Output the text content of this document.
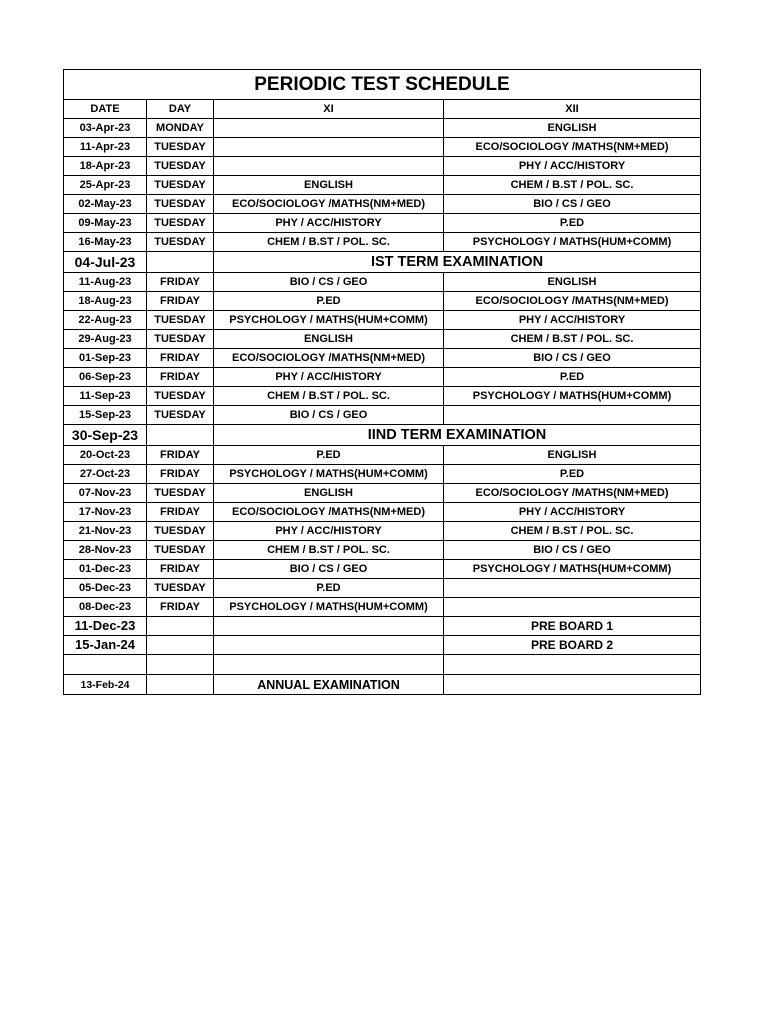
PERIODIC TEST SCHEDULE			
DATE	DAY	XI	XII
03-Apr-23	MONDAY		ENGLISH
11-Apr-23	TUESDAY		ECO/SOCIOLOGY /MATHS(NM+MED)
18-Apr-23	TUESDAY		PHY / ACC/HISTORY
25-Apr-23	TUESDAY	ENGLISH	CHEM / B.ST / POL. SC.
02-May-23	TUESDAY	ECO/SOCIOLOGY /MATHS(NM+MED)	BIO / CS / GEO
09-May-23	TUESDAY	PHY / ACC/HISTORY	P.ED
16-May-23	TUESDAY	CHEM / B.ST / POL. SC.	PSYCHOLOGY / MATHS(HUM+COMM)
04-Jul-23		IST TERM EXAMINATION	
11-Aug-23	FRIDAY	BIO / CS / GEO	ENGLISH
18-Aug-23	FRIDAY	P.ED	ECO/SOCIOLOGY /MATHS(NM+MED)
22-Aug-23	TUESDAY	PSYCHOLOGY / MATHS(HUM+COMM)	PHY / ACC/HISTORY
29-Aug-23	TUESDAY	ENGLISH	CHEM / B.ST / POL. SC.
01-Sep-23	FRIDAY	ECO/SOCIOLOGY /MATHS(NM+MED)	BIO / CS / GEO
06-Sep-23	FRIDAY	PHY / ACC/HISTORY	P.ED
11-Sep-23	TUESDAY	CHEM / B.ST / POL. SC.	PSYCHOLOGY / MATHS(HUM+COMM)
15-Sep-23	TUESDAY	BIO / CS / GEO	
30-Sep-23		IIND TERM EXAMINATION	
20-Oct-23	FRIDAY	P.ED	ENGLISH
27-Oct-23	FRIDAY	PSYCHOLOGY / MATHS(HUM+COMM)	P.ED
07-Nov-23	TUESDAY	ENGLISH	ECO/SOCIOLOGY /MATHS(NM+MED)
17-Nov-23	FRIDAY	ECO/SOCIOLOGY /MATHS(NM+MED)	PHY / ACC/HISTORY
21-Nov-23	TUESDAY	PHY / ACC/HISTORY	CHEM / B.ST / POL. SC.
28-Nov-23	TUESDAY	CHEM / B.ST / POL. SC.	BIO / CS / GEO
01-Dec-23	FRIDAY	BIO / CS / GEO	PSYCHOLOGY / MATHS(HUM+COMM)
05-Dec-23	TUESDAY	P.ED	
08-Dec-23	FRIDAY	PSYCHOLOGY / MATHS(HUM+COMM)	
11-Dec-23			PRE BOARD 1
15-Jan-24			PRE BOARD 2

13-Feb-24		ANNUAL EXAMINATION	
